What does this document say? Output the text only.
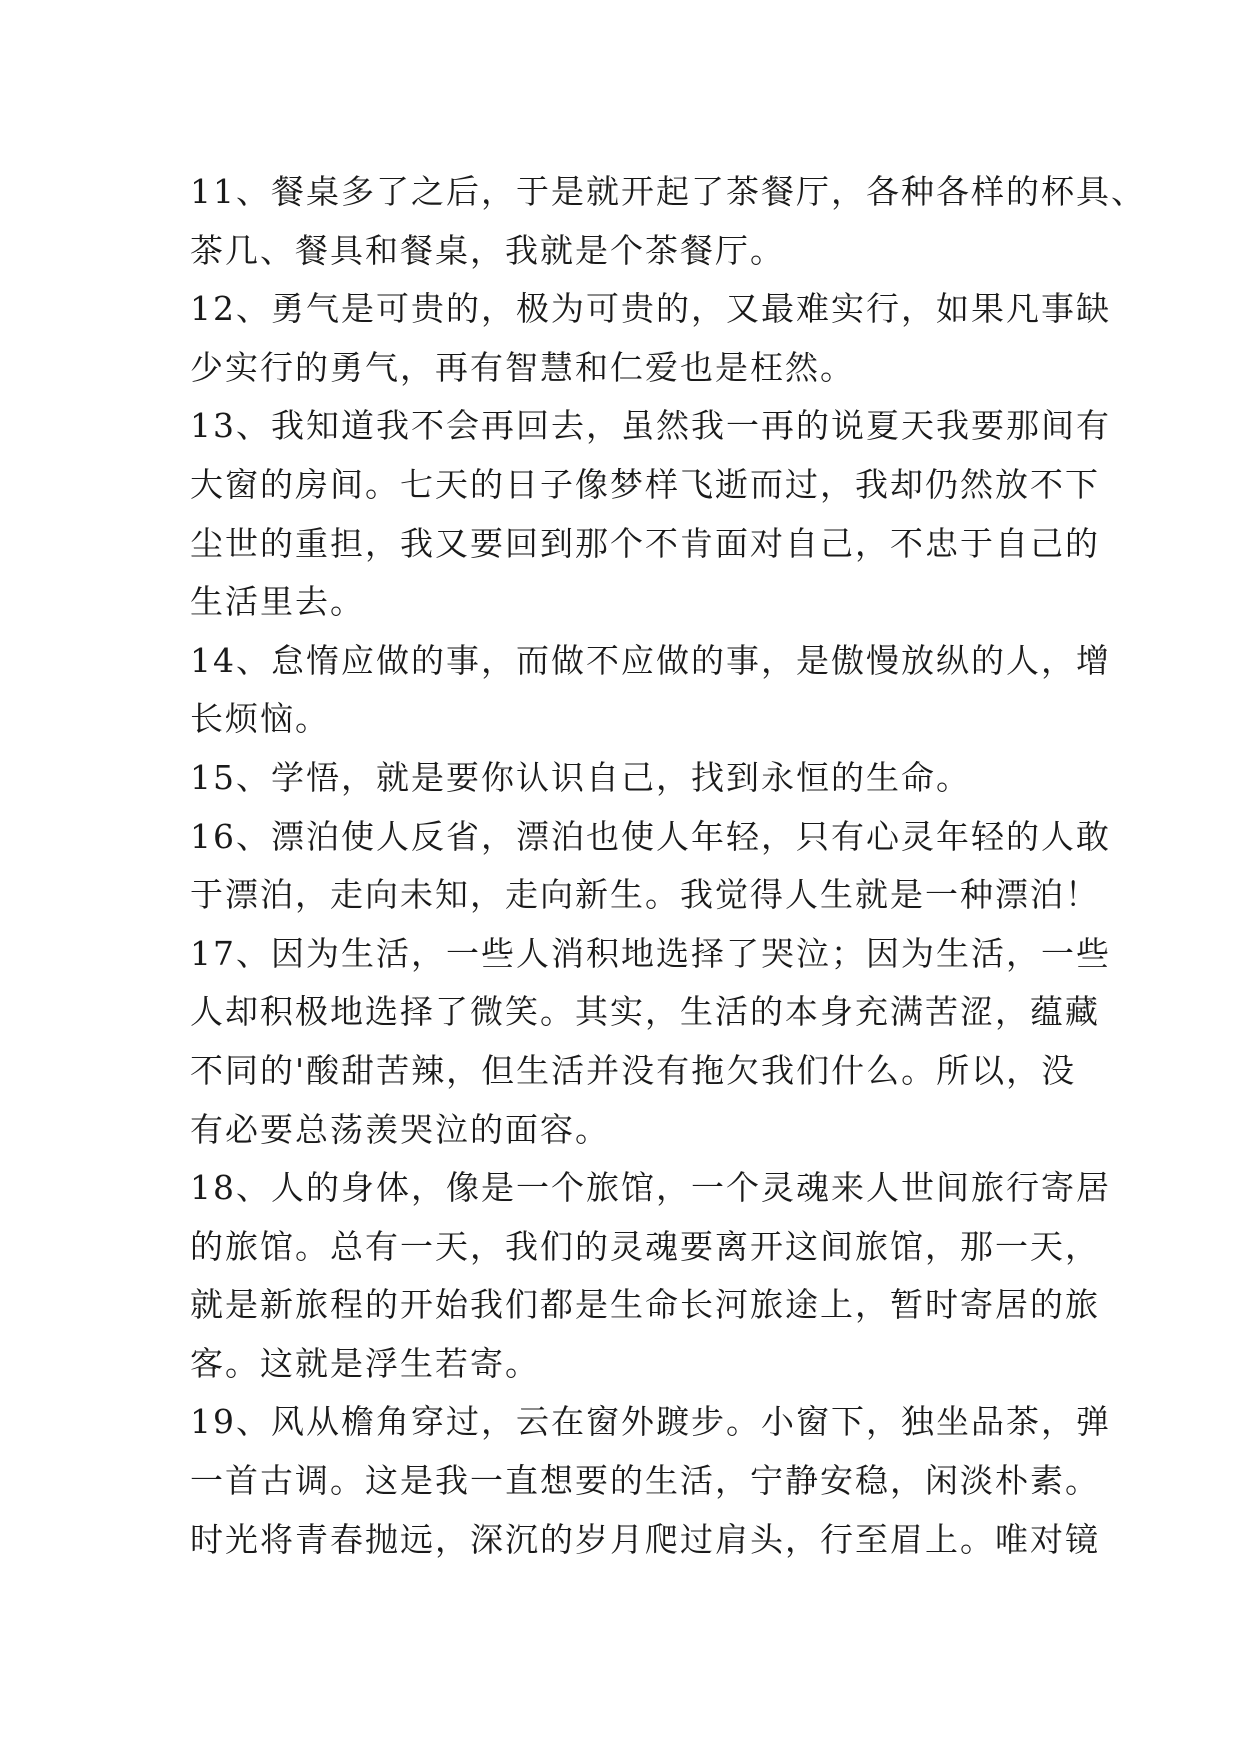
11、餐桌多了之后，于是就开起了茶餐厅，各种各样的杯具、
茶几、餐具和餐桌，我就是个茶餐厅。
12、勇气是可贵的，极为可贵的，又最难实行，如果凡事缺
少实行的勇气，再有智慧和仁爱也是枉然。
13、我知道我不会再回去，虽然我一再的说夏天我要那间有
大窗的房间。七天的日子像梦样飞逝而过，我却仍然放不下
尘世的重担，我又要回到那个不肯面对自己，不忠于自己的
生活里去。
14、怠惰应做的事，而做不应做的事，是傲慢放纵的人，增
长烦恼。
15、学悟，就是要你认识自己，找到永恒的生命。
16、漂泊使人反省，漂泊也使人年轻，只有心灵年轻的人敢
于漂泊，走向未知，走向新生。我觉得人生就是一种漂泊！
17、因为生活，一些人消积地选择了哭泣；因为生活，一些
人却积极地选择了微笑。其实，生活的本身充满苦涩，蕴藏
不同的'酸甜苦辣，但生活并没有拖欠我们什么。所以，没
有必要总荡羡哭泣的面容。
18、人的身体，像是一个旅馆，一个灵魂来人世间旅行寄居
的旅馆。总有一天，我们的灵魂要离开这间旅馆，那一天，
就是新旅程的开始我们都是生命长河旅途上，暂时寄居的旅
客。这就是浮生若寄。
19、风从檐角穿过，云在窗外踱步。小窗下，独坐品茶，弹
一首古调。这是我一直想要的生活，宁静安稳，闲淡朴素。
时光将青春抛远，深沉的岁月爬过肩头，行至眉上。唯对镜
